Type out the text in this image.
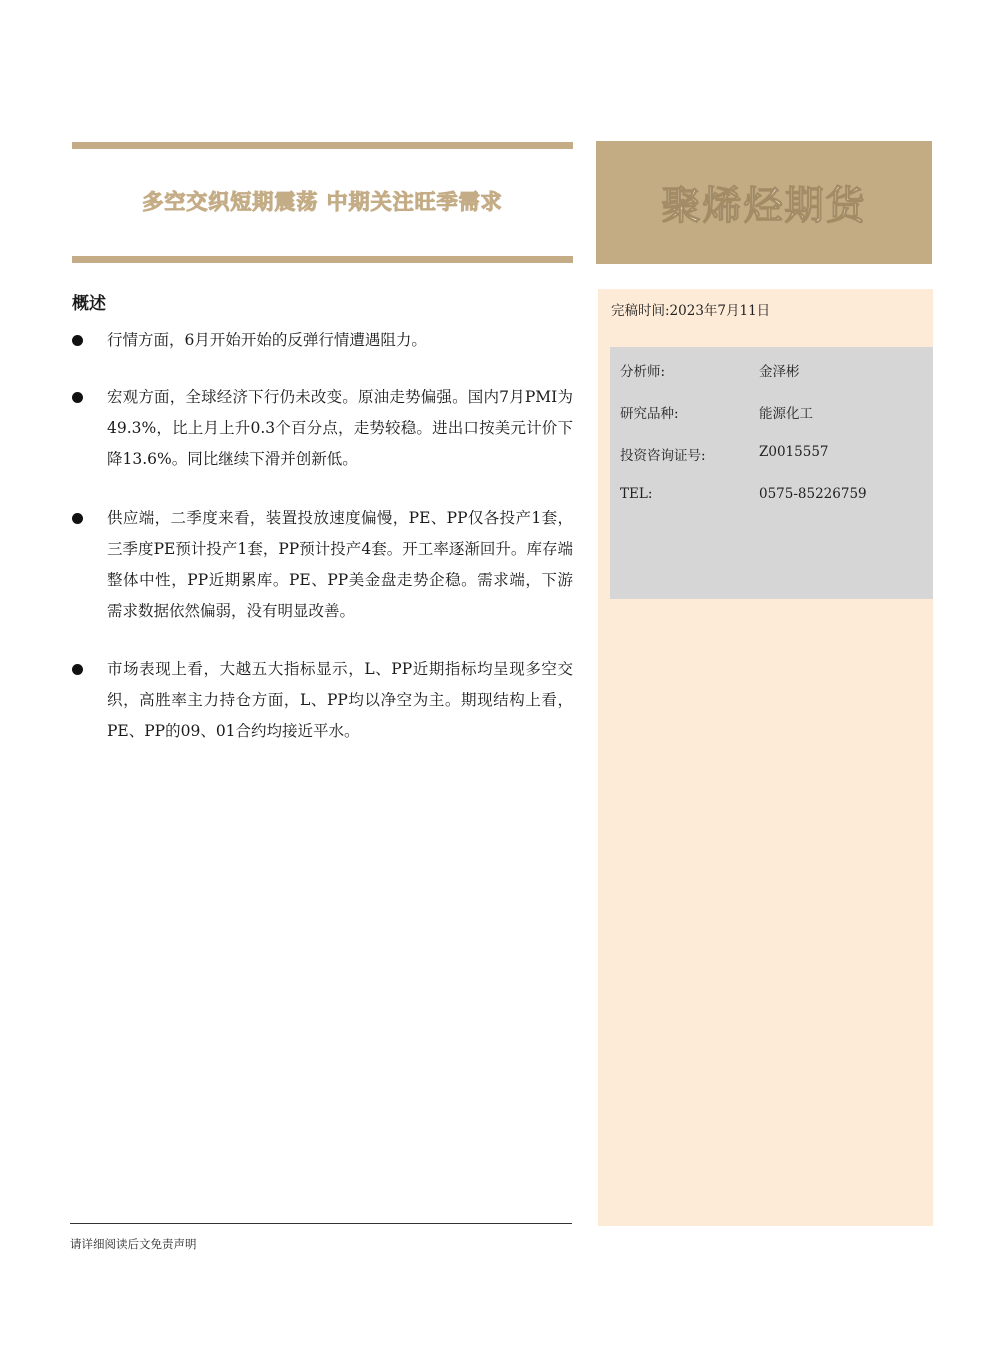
多空交织短期震荡 中期关注旺季需求	聚烯烃期货
完稿时间:2023年7月11日
分析师:	金泽彬
研究品种:	能源化工
投资咨询证号:	Z0015557
TEL:	0575-85226759
概述
行情方面，6月开始开始的反弹行情遭遇阻力。
宏观方面，全球经济下行仍未改变。原油走势偏强。国内7月PMI为49.3%，比上月上升0.3个百分点，走势较稳。进出口按美元计价下降13.6%。同比继续下滑并创新低。
供应端，二季度来看，装置投放速度偏慢，PE、PP仅各投产1套，三季度PE预计投产1套，PP预计投产4套。开工率逐渐回升。库存端整体中性，PP近期累库。PE、PP美金盘走势企稳。需求端，下游需求数据依然偏弱，没有明显改善。
市场表现上看，大越五大指标显示，L、PP近期指标均呈现多空交织，高胜率主力持仓方面，L、PP均以净空为主。期现结构上看，PE、PP的09、01合约均接近平水。
请详细阅读后文免责声明
